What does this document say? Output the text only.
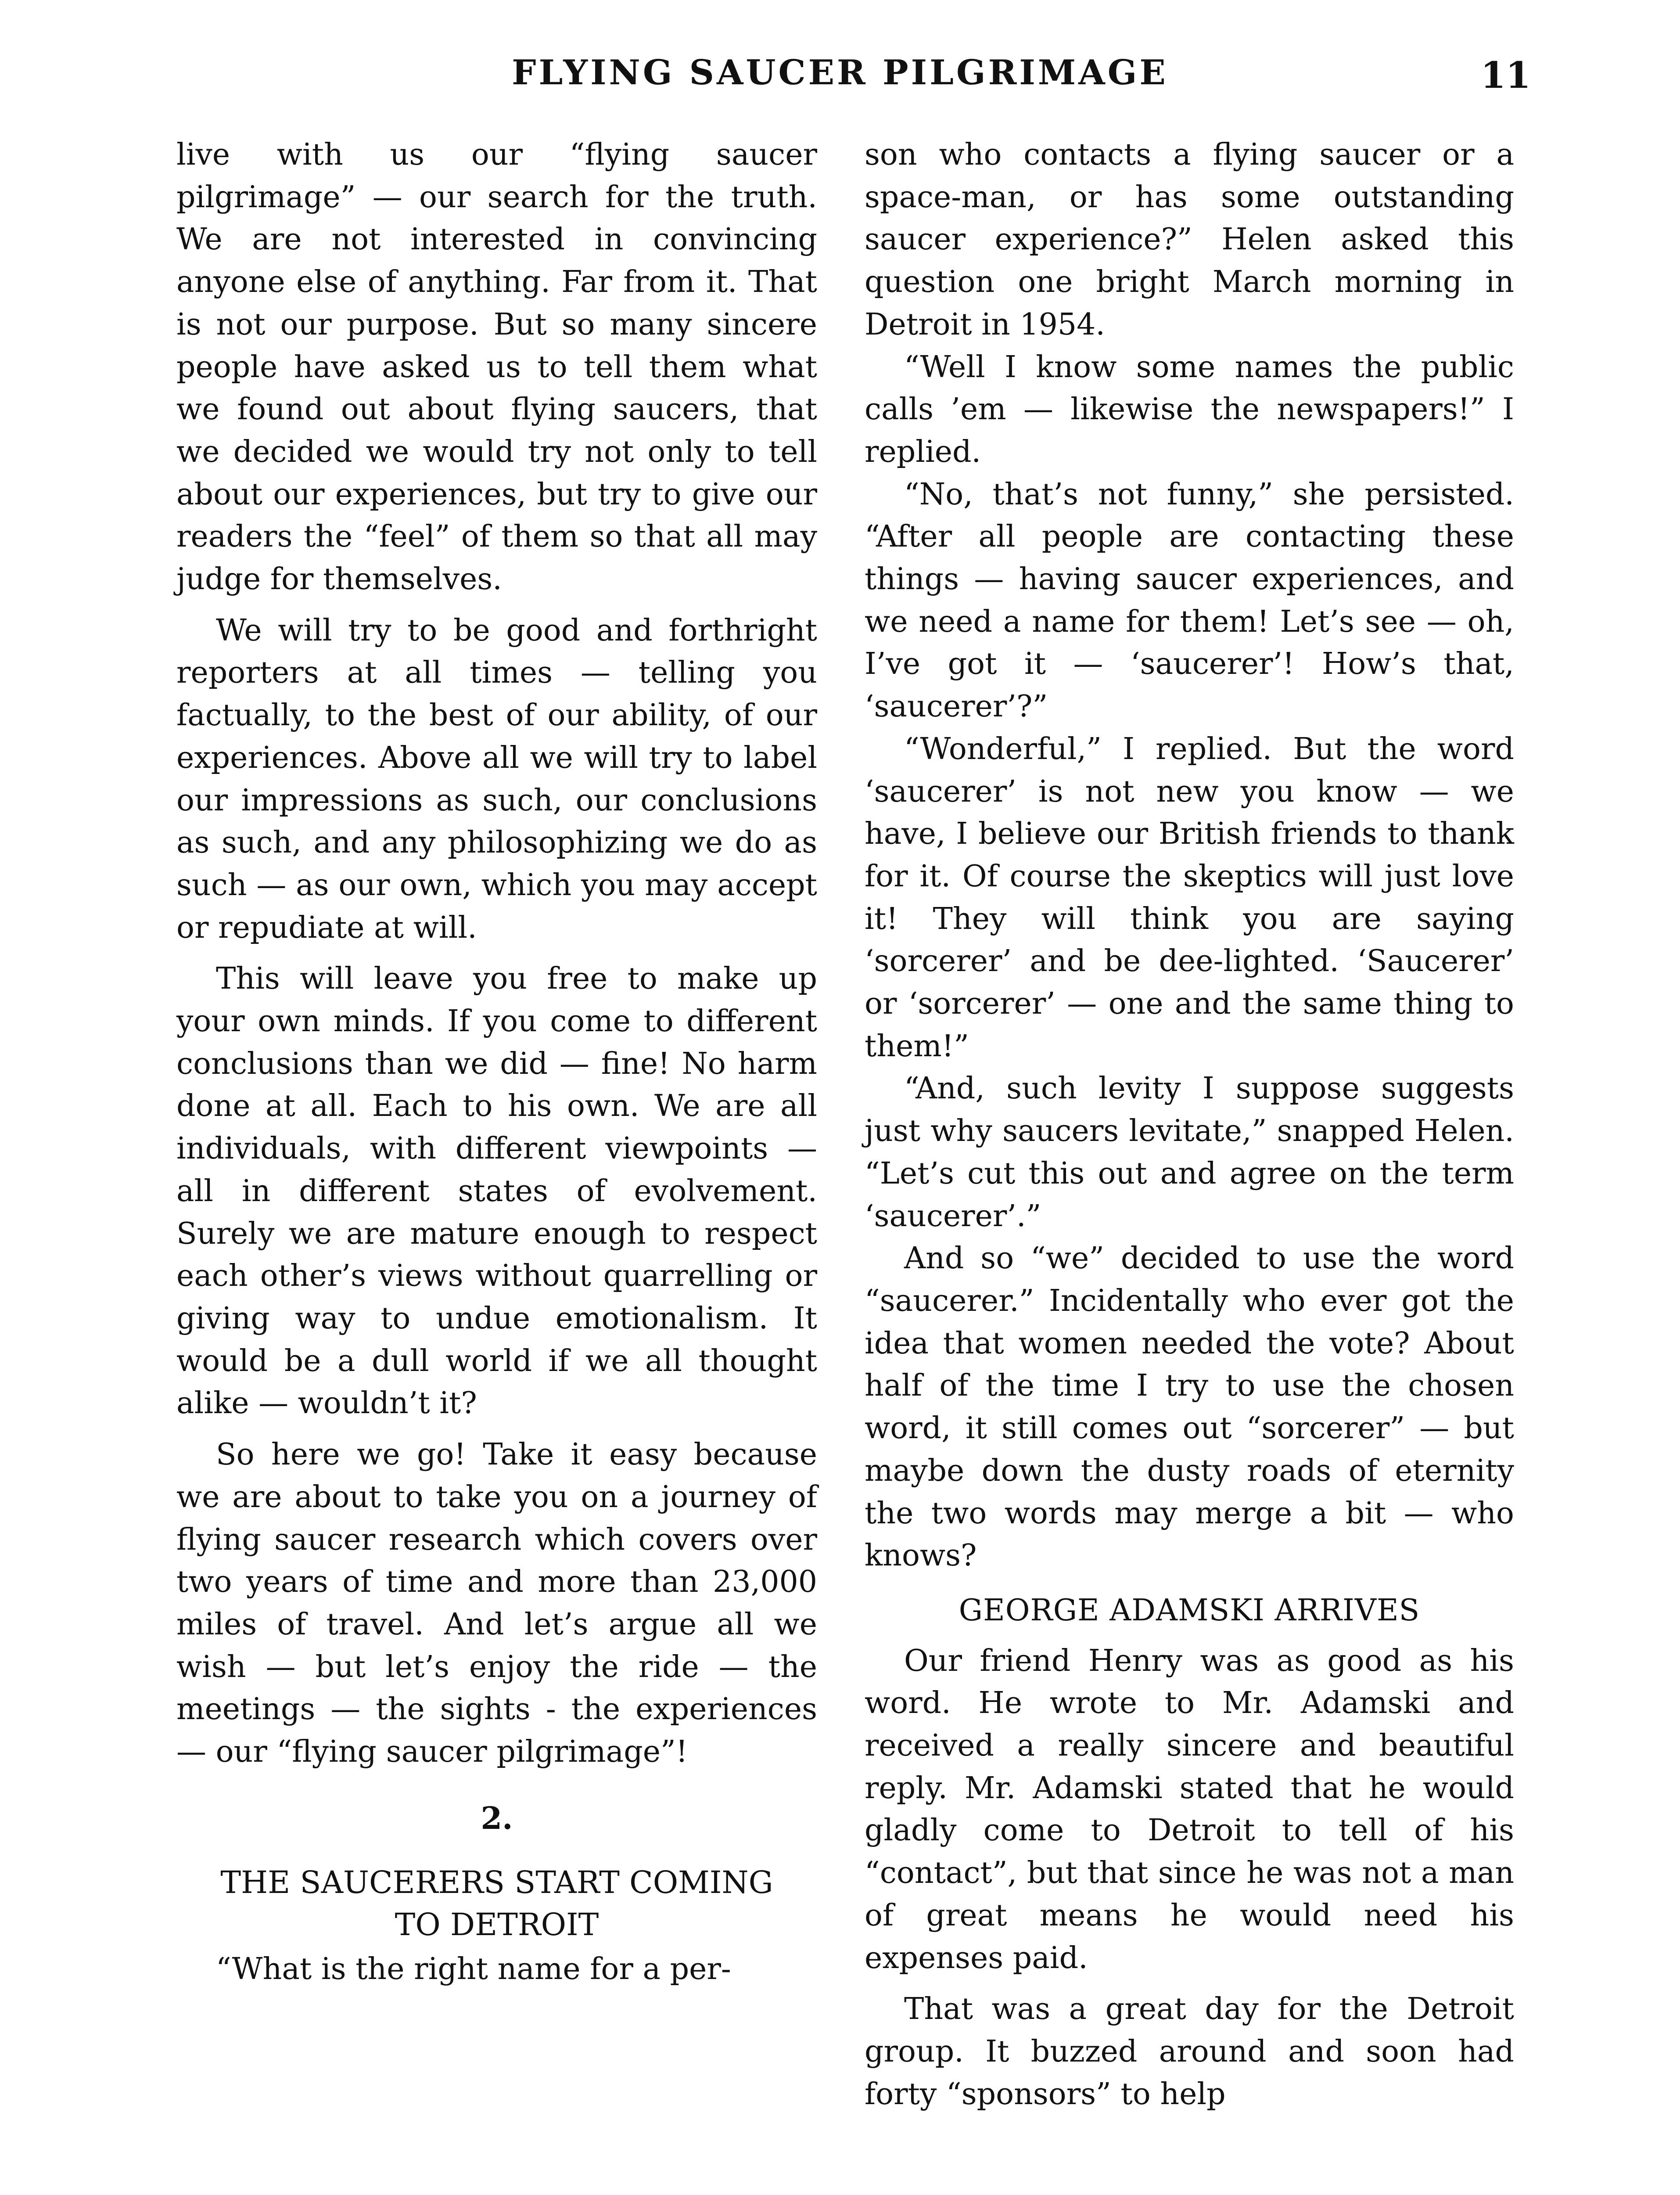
FLYING SAUCER PILGRIMAGE	11

live with us our “flying saucer pilgrimage” — our search for the truth. We are not interested in convincing anyone else of anything. Far from it. That is not our purpose. But so many sincere people have asked us to tell them what we found out about flying saucers, that we decided we would try not only to tell about our experiences, but try to give our readers the “feel” of them so that all may judge for themselves.

We will try to be good and forthright reporters at all times — telling you factually, to the best of our ability, of our experiences. Above all we will try to label our impressions as such, our conclusions as such, and any philosophizing we do as such — as our own, which you may accept or repudiate at will.

This will leave you free to make up your own minds. If you come to different conclusions than we did — fine! No harm done at all. Each to his own. We are all individuals, with different viewpoints — all in different states of evolvement. Surely we are mature enough to respect each other’s views without quarrelling or giving way to undue emotionalism. It would be a dull world if we all thought alike — wouldn’t it?

So here we go! Take it easy because we are about to take you on a journey of flying saucer research which covers over two years of time and more than 23,000 miles of travel. And let’s argue all we wish — but let’s enjoy the ride — the meetings — the sights - the experiences — our “flying saucer pilgrimage”!

2.
THE SAUCERERS START COMING
TO DETROIT

“What is the right name for a per-

son who contacts a flying saucer or a space-man, or has some outstanding saucer experience?” Helen asked this question one bright March morning in Detroit in 1954.

“Well I know some names the public calls ’em — likewise the newspapers!” I replied.

“No, that’s not funny,” she persisted. “After all people are contacting these things — having saucer experiences, and we need a name for them! Let’s see — oh, I’ve got it — ‘saucerer’! How’s that, ‘saucerer’?”

“Wonderful,” I replied. But the word ‘saucerer’ is not new you know — we have, I believe our British friends to thank for it. Of course the skeptics will just love it! They will think you are saying ‘sorcerer’ and be dee-lighted. ‘Saucerer’ or ‘sorcerer’ — one and the same thing to them!”

“And, such levity I suppose suggests just why saucers levitate,” snapped Helen. “Let’s cut this out and agree on the term ‘saucerer’.”

And so “we” decided to use the word “saucerer.” Incidentally who ever got the idea that women needed the vote? About half of the time I try to use the chosen word, it still comes out “sorcerer” — but maybe down the dusty roads of eternity the two words may merge a bit — who knows?

GEORGE ADAMSKI ARRIVES

Our friend Henry was as good as his word. He wrote to Mr. Adamski and received a really sincere and beautiful reply. Mr. Adamski stated that he would gladly come to Detroit to tell of his “contact”, but that since he was not a man of great means he would need his expenses paid.

That was a great day for the Detroit group. It buzzed around and soon had forty “sponsors” to help
